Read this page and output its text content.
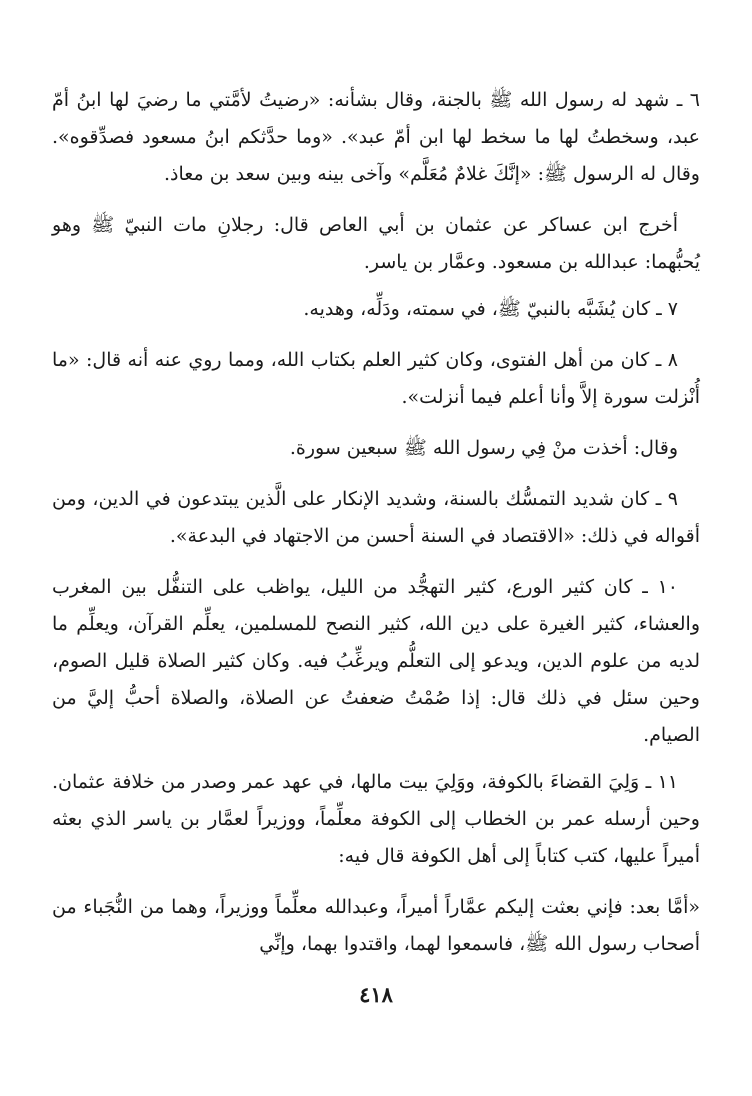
٦ ـ شهد له رسول الله ﷺ بالجنة، وقال بشأنه: «رضيتُ لأمَّتي ما رضيَ لها ابنُ أمّ عبد، وسخطتُ لها ما سخط لها ابن أمّ عبد». «وما حدَّثكم ابنُ مسعود فصدِّقوه». وقال له الرسول ﷺ: «إنَّكَ غلامٌ مُعَلَّم» وآخى بينه وبين سعد بن معاذ.

أخرج ابن عساكر عن عثمان بن أبي العاص قال: رجلانِ مات النبيّ ﷺ وهو يُحبُّهما: عبدالله بن مسعود. وعمَّار بن ياسر.

٧ ـ كان يُشَبَّه بالنبيّ ﷺ، في سمته، ودَلِّه، وهديه.

٨ ـ كان من أهل الفتوى، وكان كثير العلم بكتاب الله، ومما روي عنه أنه قال: «ما أُنْزلت سورة إلاَّ وأنا أعلم فيما أنزلت».

وقال: أخذت منْ فِي رسول الله ﷺ سبعين سورة.

٩ ـ كان شديد التمسُّك بالسنة، وشديد الإنكار على الَّذين يبتدعون في الدين، ومن أقواله في ذلك: «الاقتصاد في السنة أحسن من الاجتهاد في البدعة».

١٠ ـ كان كثير الورع، كثير التهجُّد من الليل، يواظب على التنفُّل بين المغرب والعشاء، كثير الغيرة على دين الله، كثير النصح للمسلمين، يعلِّم القرآن، ويعلِّم ما لديه من علوم الدين، ويدعو إلى التعلُّم ويرغِّبُ فيه. وكان كثير الصلاة قليل الصوم، وحين سئل في ذلك قال: إذا صُمْتُ ضعفتُ عن الصلاة، والصلاة أحبُّ إليَّ من الصيام.

١١ ـ وَلِيَ القضاءَ بالكوفة، ووَلِيَ بيت مالها، في عهد عمر وصدر من خلافة عثمان. وحين أرسله عمر بن الخطاب إلى الكوفة معلِّماً، ووزيراً لعمَّار بن ياسر الذي بعثه أميراً عليها، كتب كتاباً إلى أهل الكوفة قال فيه:

«أمَّا بعد: فإني بعثت إليكم عمَّاراً أميراً، وعبدالله معلِّماً ووزيراً، وهما من النُّجَباء من أصحاب رسول الله ﷺ، فاسمعوا لهما، واقتدوا بهما، وإنِّي

٤١٨
